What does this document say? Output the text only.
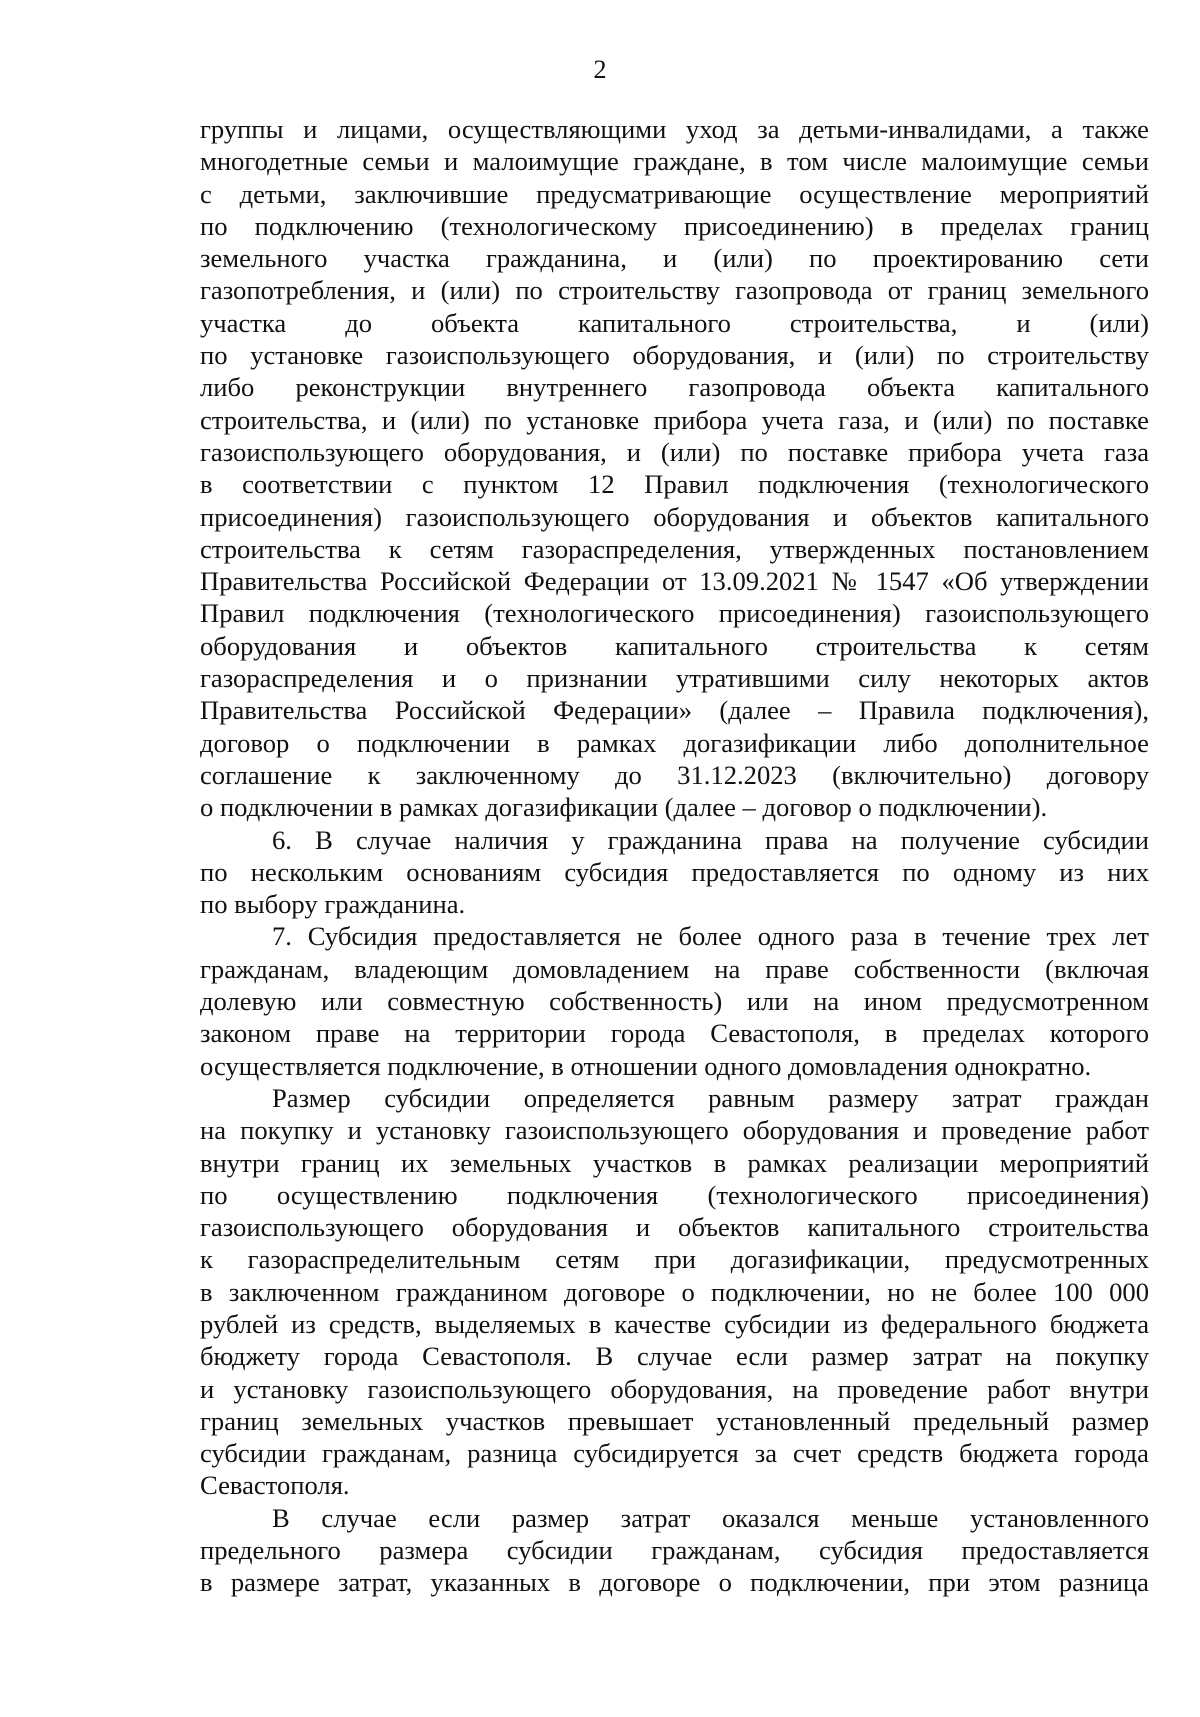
2

группы и лицами, осуществляющими уход за детьми-инвалидами, а также

многодетные семьи и малоимущие граждане, в том числе малоимущие семьи

с детьми, заключившие предусматривающие осуществление мероприятий

по подключению (технологическому присоединению) в пределах границ

земельного участка гражданина, и (или) по проектированию сети

газопотребления, и (или) по строительству газопровода от границ земельного

участка до объекта капитального строительства, и (или)

по установке газоиспользующего оборудования, и (или) по строительству

либо реконструкции внутреннего газопровода объекта капитального

строительства, и (или) по установке прибора учета газа, и (или) по поставке

газоиспользующего оборудования, и (или) по поставке прибора учета газа

в соответствии с пунктом 12 Правил подключения (технологического

присоединения) газоиспользующего оборудования и объектов капитального

строительства к сетям газораспределения, утвержденных постановлением

Правительства Российской Федерации от 13.09.2021 № 1547 «Об утверждении

Правил подключения (технологического присоединения) газоиспользующего

оборудования и объектов капитального строительства к сетям

газораспределения и о признании утратившими силу некоторых актов

Правительства Российской Федерации» (далее – Правила подключения),

договор о подключении в рамках догазификации либо дополнительное

соглашение к заключенному до 31.12.2023 (включительно) договору

о подключении в рамках догазификации (далее – договор о подключении).

6. В случае наличия у гражданина права на получение субсидии

по нескольким основаниям субсидия предоставляется по одному из них

по выбору гражданина.

7. Субсидия предоставляется не более одного раза в течение трех лет

гражданам, владеющим домовладением на праве собственности (включая

долевую или совместную собственность) или на ином предусмотренном

законом праве на территории города Севастополя, в пределах которого

осуществляется подключение, в отношении одного домовладения однократно.

Размер субсидии определяется равным размеру затрат граждан

на покупку и установку газоиспользующего оборудования и проведение работ

внутри границ их земельных участков в рамках реализации мероприятий

по осуществлению подключения (технологического присоединения)

газоиспользующего оборудования и объектов капитального строительства

к газораспределительным сетям при догазификации, предусмотренных

в заключенном гражданином договоре о подключении, но не более 100 000

рублей из средств, выделяемых в качестве субсидии из федерального бюджета

бюджету города Севастополя. В случае если размер затрат на покупку

и установку газоиспользующего оборудования, на проведение работ внутри

границ земельных участков превышает установленный предельный размер

субсидии гражданам, разница субсидируется за счет средств бюджета города

Севастополя.

В случае если размер затрат оказался меньше установленного

предельного размера субсидии гражданам, субсидия предоставляется

в размере затрат, указанных в договоре о подключении, при этом разница
